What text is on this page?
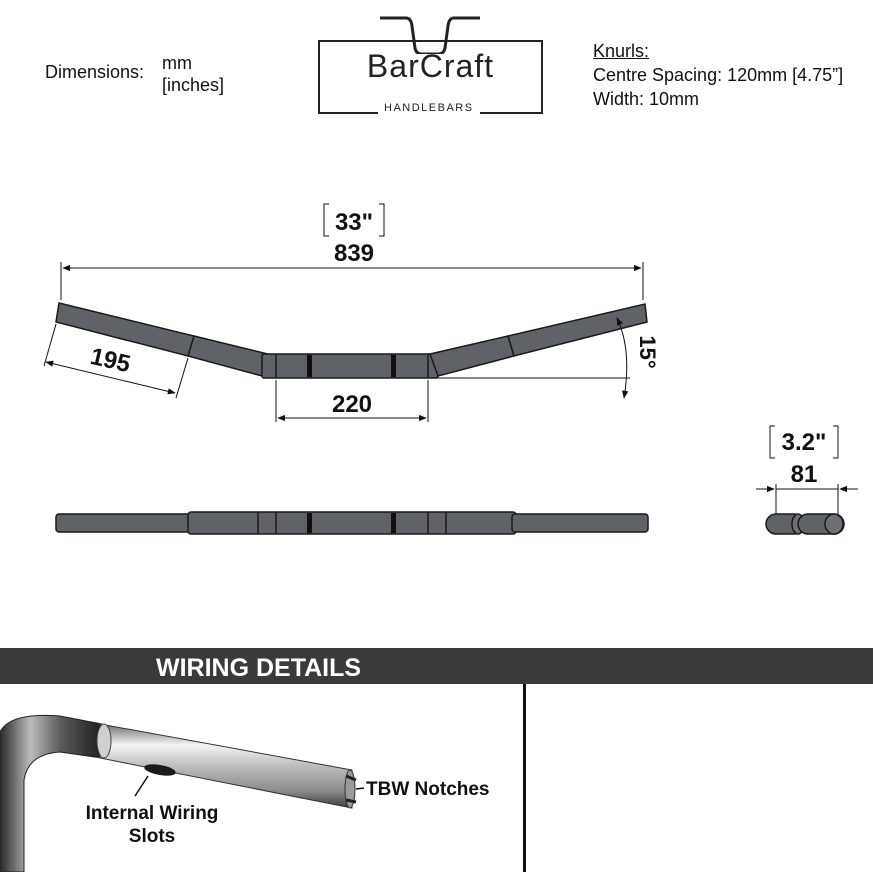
Dimensions: mm
[inches]
BarCraft
HANDLEBARS
Knurls:
Centre Spacing: 120mm [4.75”]
Width: 10mm
33"
839
195	15°
220
3.2"
81
WIRING DETAILS
TBW Notches
Internal Wiring
Slots
